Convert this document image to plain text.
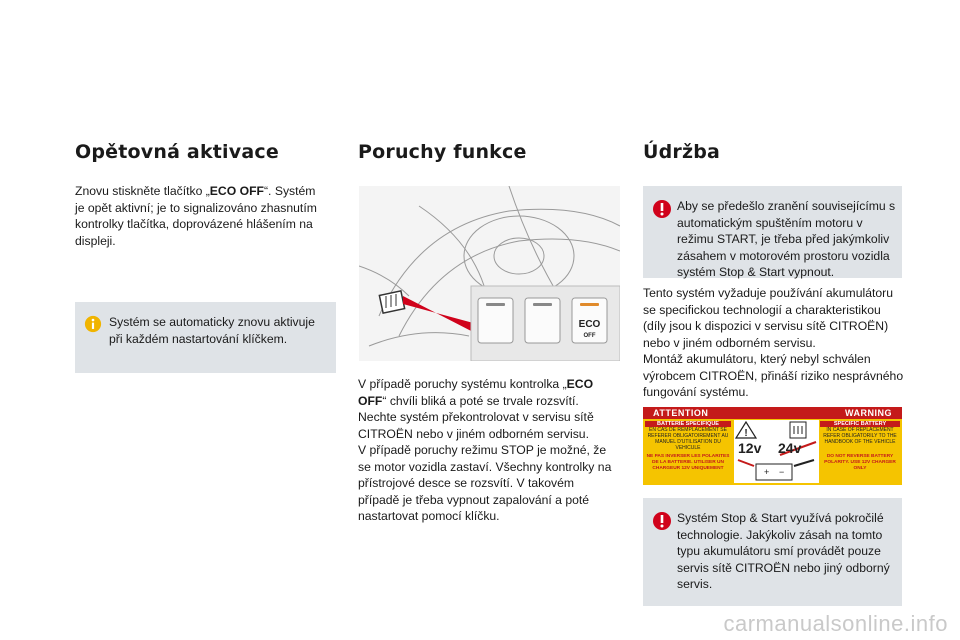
Opětovná aktivace

Znovu stiskněte tlačítko „ECO OFF“. Systém je opět aktivní; je to signalizováno zhasnutím kontrolky tlačítka, doprovázené hlášením na displeji.

Systém se automaticky znovu aktivuje při každém nastartování klíčkem.

Poruchy funkce
ECO
OFF

V případě poruchy systému kontrolka „ECO OFF“ chvíli bliká a poté se trvale rozsvítí. Nechte systém překontrolovat v servisu sítě CITROËN nebo v jiném odborném servisu.
V případě poruchy režimu STOP je možné, že se motor vozidla zastaví. Všechny kontrolky na přístrojové desce se rozsvítí. V takovém případě je třeba vypnout zapalování a poté nastartovat pomocí klíčku.

Údržba

Aby se předešlo zranění souvisejícímu s automatickým spuštěním motoru v režimu START, je třeba před jakýmkoliv zásahem v motorovém prostoru vozidla systém Stop & Start vypnout.

Tento systém vyžaduje používání akumulátoru se specifickou technologií a charakteristikou (díly jsou k dispozici v servisu sítě CITROËN) nebo v jiném odborném servisu.
Montáž akumulátoru, který nebyl schválen výrobcem CITROËN, přináší riziko nesprávného fungování systému.

ATTENTION	WARNING
BATTERIE SPECIFIQUE
EN CAS DE REMPLACEMENT SE REFERER OBLIGATOIREMENT AU MANUEL D'UTILISATION DU VEHICULE
SPECIFIC BATTERY
IN CASE OF REPLACEMENT REFER OBLIGATORILY TO THE HANDBOOK OF THE VEHICLE
NE PAS INVERSER LES POLARITES DE LA BATTERIE. UTILISER UN CHARGEUR 12V UNIQUEMENT
DO NOT REVERSE BATTERY POLARITY. USE 12V CHARGER ONLY
!
+ −
12v 24v

Systém Stop & Start využívá pokročilé technologie. Jakýkoliv zásah na tomto typu akumulátoru smí provádět pouze servis sítě CITROËN nebo jiný odborný servis.

carmanualsonline.info
